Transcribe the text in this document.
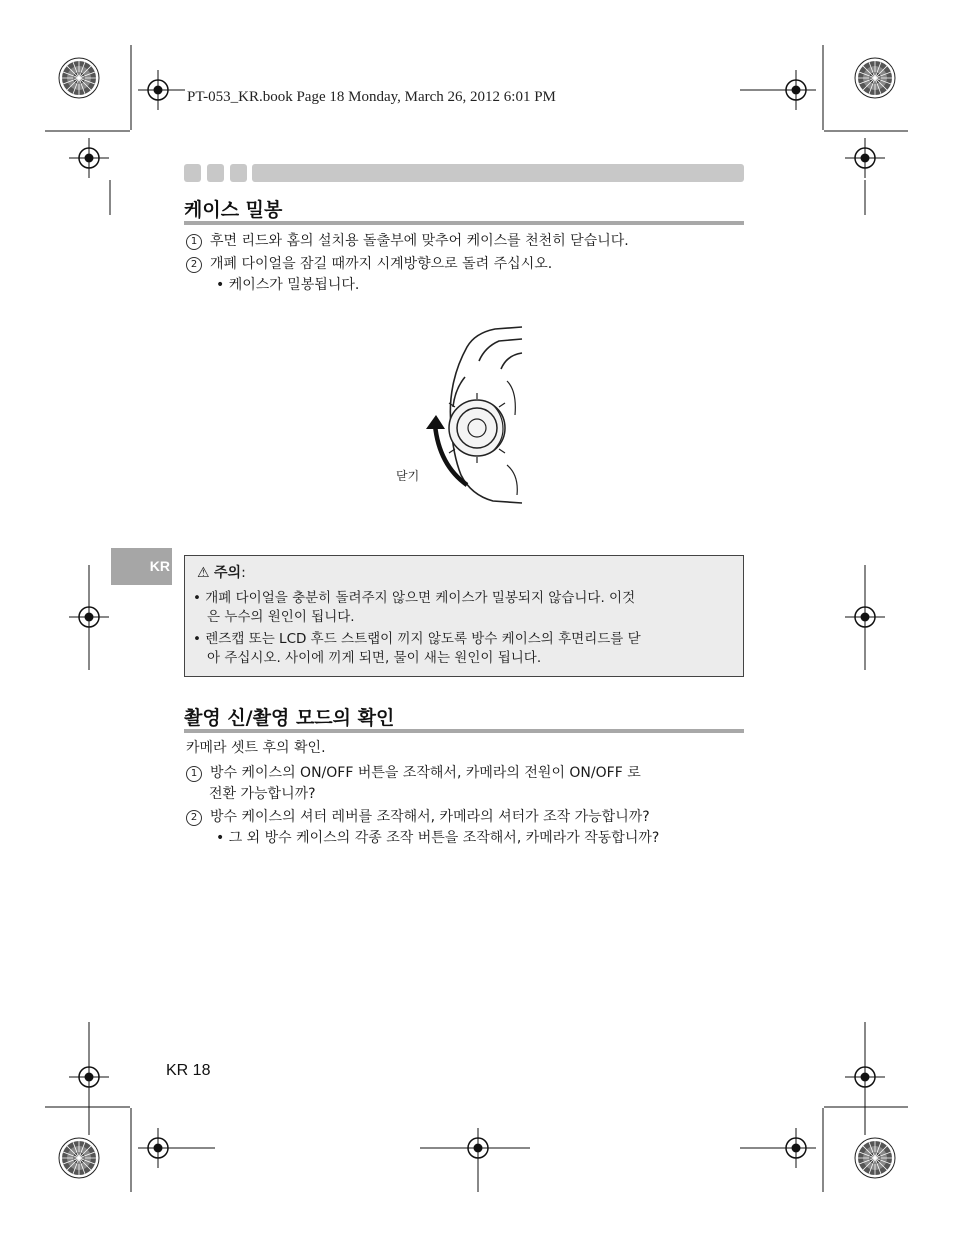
PT-053_KR.book Page 18 Monday, March 26, 2012 6:01 PM
케이스 밀봉
1 후면 리드와 홈의 설치용 돌출부에 맞추어 케이스를 천천히 닫습니다.
2 개폐 다이얼을 잠길 때까지 시계방향으로 돌려 주십시오.
• 케이스가 밀봉됩니다.
닫기
KR ⚠ 주의:
• 개폐 다이얼을 충분히 돌려주지 않으면 케이스가 밀봉되지 않습니다. 이것
은 누수의 원인이 됩니다.
• 렌즈캡 또는 LCD 후드 스트랩이 끼지 않도록 방수 케이스의 후면리드를 닫
아 주십시오. 사이에 끼게 되면, 물이 새는 원인이 됩니다.
촬영 신/촬영 모드의 확인
카메라 셋트 후의 확인.
1 방수 케이스의 ON/OFF 버튼을 조작해서, 카메라의 전원이 ON/OFF 로
전환 가능합니까?
2 방수 케이스의 셔터 레버를 조작해서, 카메라의 셔터가 조작 가능합니까?
• 그 외 방수 케이스의 각종 조작 버튼을 조작해서, 카메라가 작동합니까?
KR 18
